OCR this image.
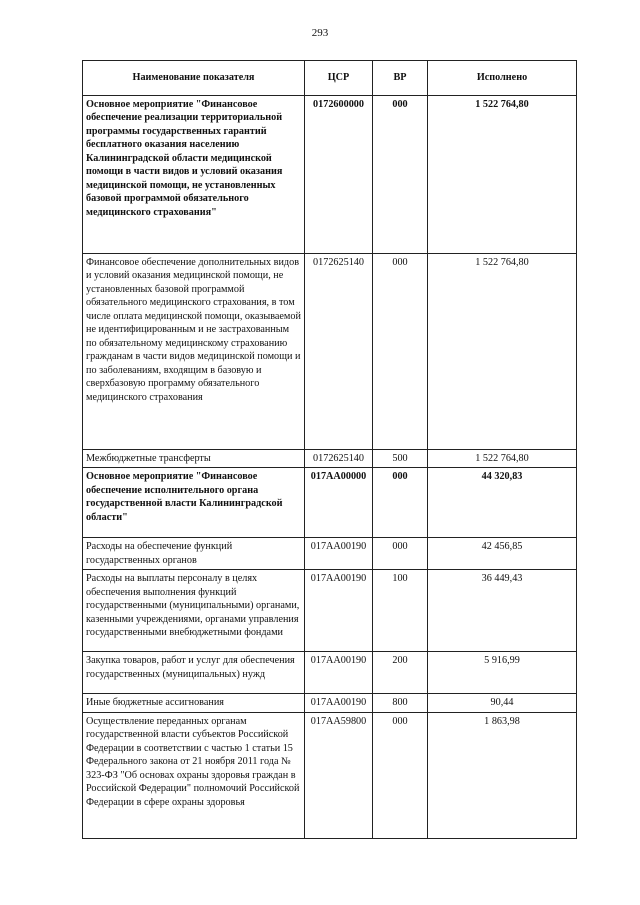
293
Наименование показателя	ЦСР	ВР	Исполнено
Основное мероприятие "Финансовое обеспечение реализации территориальной программы государственных гарантий бесплатного оказания населению Калининградской области медицинской помощи в части видов и условий оказания медицинской помощи, не установленных базовой программой обязательного медицинского страхования"	0172600000	000	1 522 764,80
Финансовое обеспечение дополнительных видов и условий оказания медицинской помощи, не установленных базовой программой обязательного медицинского страхования, в том числе оплата медицинской помощи, оказываемой не идентифицированным и не застрахованным по обязательному медицинскому страхованию гражданам в части видов медицинской помощи и по заболеваниям, входящим в базовую и сверхбазовую программу обязательного медицинского страхования	0172625140	000	1 522 764,80
Межбюджетные трансферты	0172625140	500	1 522 764,80
Основное мероприятие "Финансовое обеспечение исполнительного органа государственной власти Калининградской области"	017АА00000	000	44 320,83
Расходы на обеспечение функций государственных органов	017АА00190	000	42 456,85
Расходы на выплаты персоналу в целях обеспечения выполнения функций государственными (муниципальными) органами, казенными учреждениями, органами управления государственными внебюджетными фондами	017АА00190	100	36 449,43
Закупка товаров, работ и услуг для обеспечения государственных (муниципальных) нужд	017АА00190	200	5 916,99
Иные бюджетные ассигнования	017АА00190	800	90,44
Осуществление переданных органам государственной власти субъектов Российской Федерации в соответствии с частью 1 статьи 15 Федерального закона от 21 ноября 2011 года № 323-ФЗ "Об основах охраны здоровья граждан в Российской Федерации" полномочий Российской Федерации в сфере охраны здоровья	017АА59800	000	1 863,98
